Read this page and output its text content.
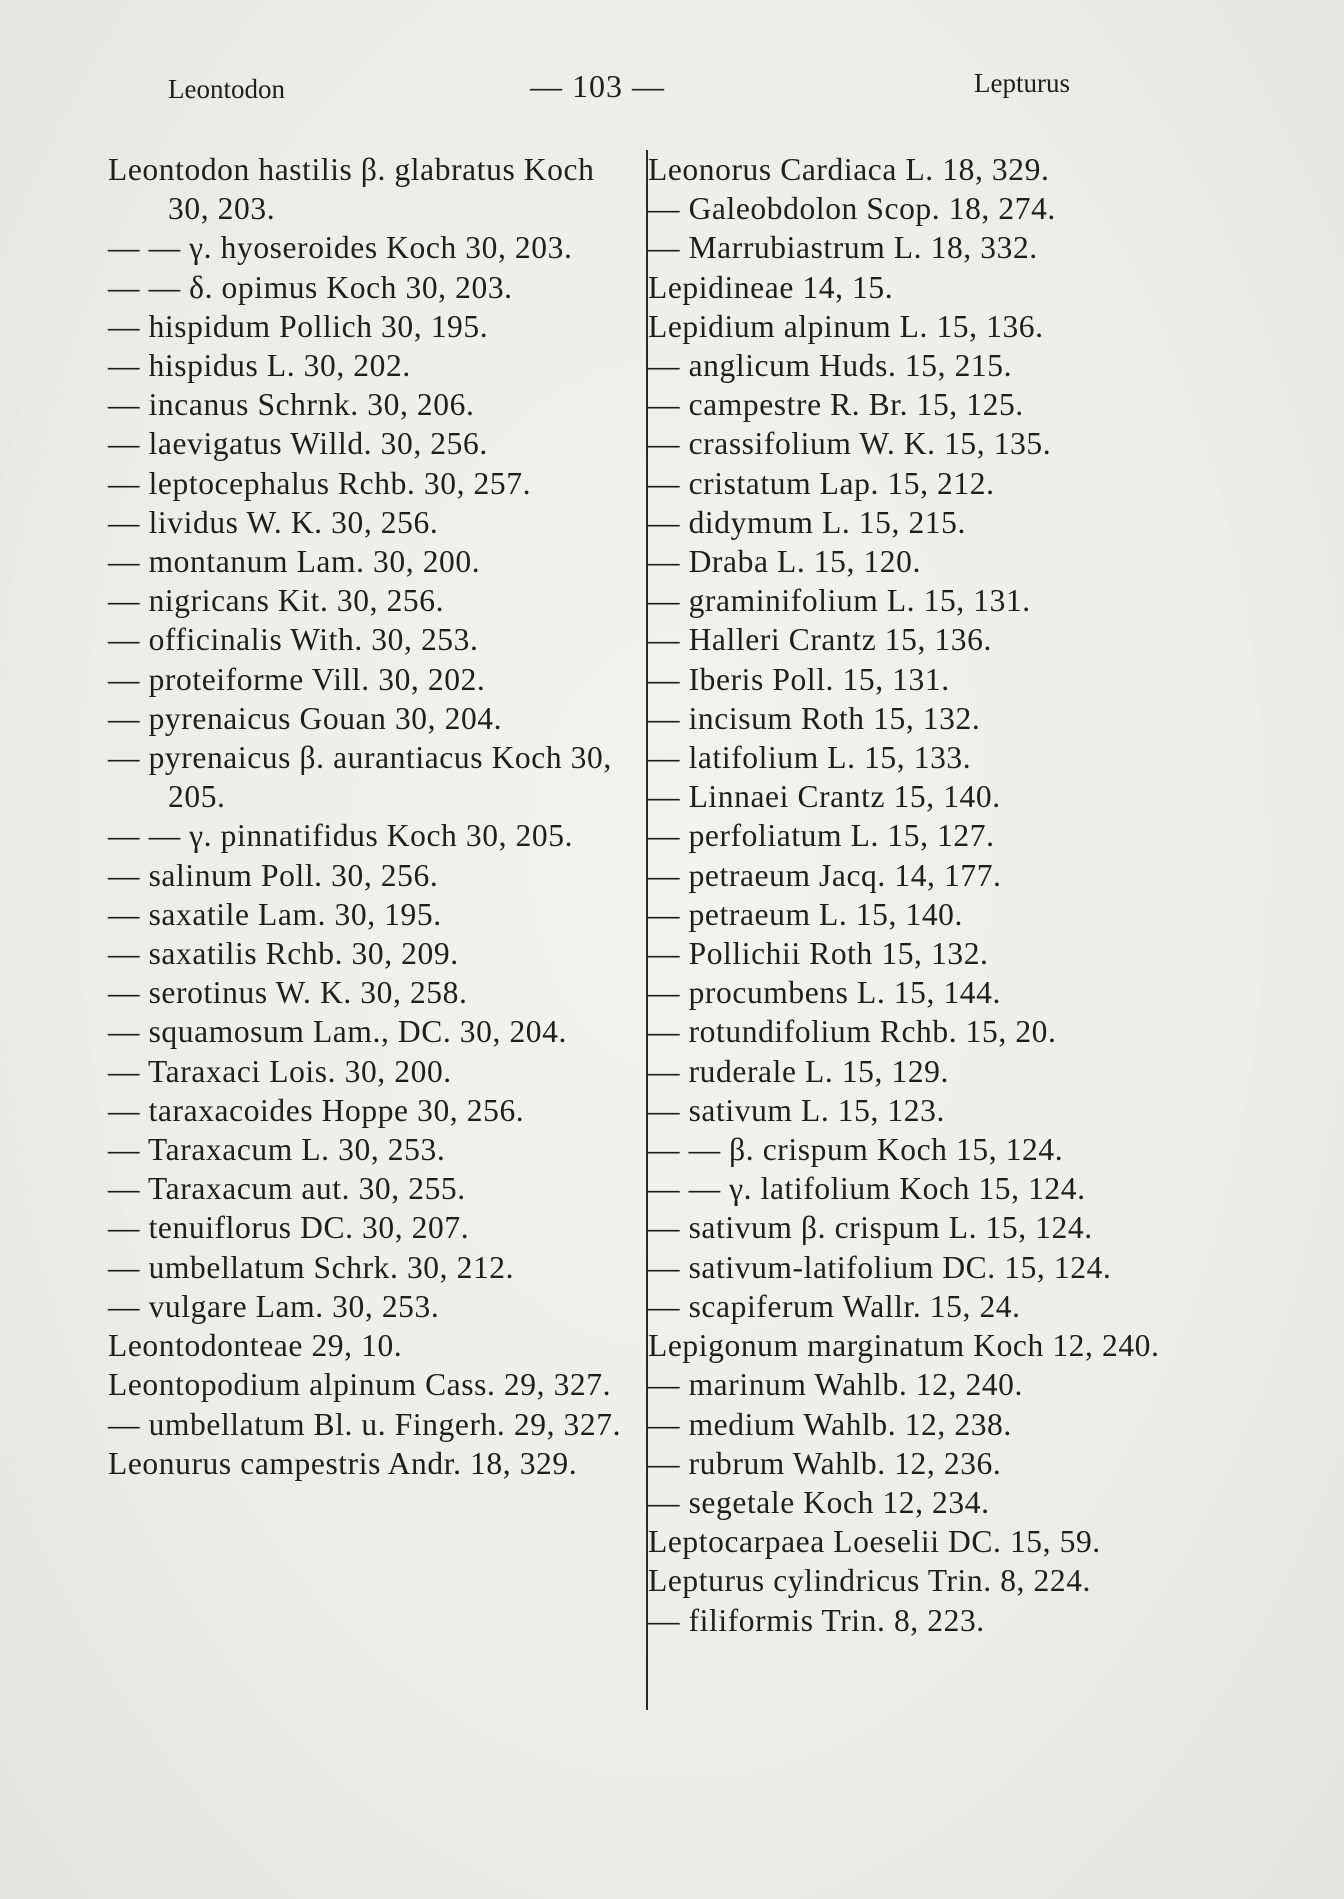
Leontodon	— 103 —	Lepturus
Leontodon hastilis β. glabratus Koch 30, 203.
— — γ. hyoseroides Koch 30, 203.
— — δ. opimus Koch 30, 203.
— hispidum Pollich 30, 195.
— hispidus L. 30, 202.
— incanus Schrnk. 30, 206.
— laevigatus Willd. 30, 256.
— leptocephalus Rchb. 30, 257.
— lividus W. K. 30, 256.
— montanum Lam. 30, 200.
— nigricans Kit. 30, 256.
— officinalis With. 30, 253.
— proteiforme Vill. 30, 202.
— pyrenaicus Gouan 30, 204.
— pyrenaicus β. aurantiacus Koch 30, 205.
— — γ. pinnatifidus Koch 30, 205.
— salinum Poll. 30, 256.
— saxatile Lam. 30, 195.
— saxatilis Rchb. 30, 209.
— serotinus W. K. 30, 258.
— squamosum Lam., DC. 30, 204.
— Taraxaci Lois. 30, 200.
— taraxacoides Hoppe 30, 256.
— Taraxacum L. 30, 253.
— Taraxacum aut. 30, 255.
— tenuiflorus DC. 30, 207.
— umbellatum Schrk. 30, 212.
— vulgare Lam. 30, 253.
Leontodonteae 29, 10.
Leontopodium alpinum Cass. 29, 327.
— umbellatum Bl. u. Fingerh. 29, 327.
Leonurus campestris Andr. 18, 329.
Leonorus Cardiaca L. 18, 329.
— Galeobdolon Scop. 18, 274.
— Marrubiastrum L. 18, 332.
Lepidineae 14, 15.
Lepidium alpinum L. 15, 136.
— anglicum Huds. 15, 215.
— campestre R. Br. 15, 125.
— crassifolium W. K. 15, 135.
— cristatum Lap. 15, 212.
— didymum L. 15, 215.
— Draba L. 15, 120.
— graminifolium L. 15, 131.
— Halleri Crantz 15, 136.
— Iberis Poll. 15, 131.
— incisum Roth 15, 132.
— latifolium L. 15, 133.
— Linnaei Crantz 15, 140.
— perfoliatum L. 15, 127.
— petraeum Jacq. 14, 177.
— petraeum L. 15, 140.
— Pollichii Roth 15, 132.
— procumbens L. 15, 144.
— rotundifolium Rchb. 15, 20.
— ruderale L. 15, 129.
— sativum L. 15, 123.
— — β. crispum Koch 15, 124.
— — γ. latifolium Koch 15, 124.
— sativum β. crispum L. 15, 124.
— sativum-latifolium DC. 15, 124.
— scapiferum Wallr. 15, 24.
Lepigonum marginatum Koch 12, 240.
— marinum Wahlb. 12, 240.
— medium Wahlb. 12, 238.
— rubrum Wahlb. 12, 236.
— segetale Koch 12, 234.
Leptocarpaea Loeselii DC. 15, 59.
Lepturus cylindricus Trin. 8, 224.
— filiformis Trin. 8, 223.
